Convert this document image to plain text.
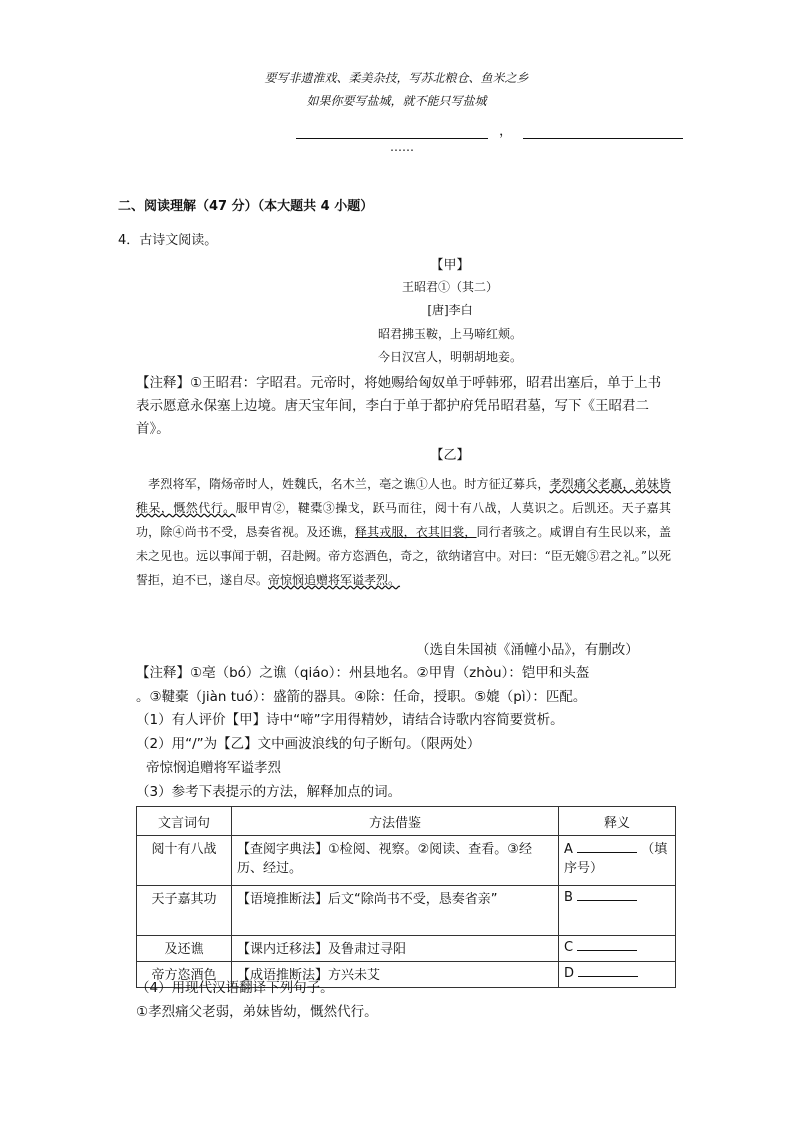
要写非遗淮戏、柔美杂技，写苏北粮仓、鱼米之乡
如果你要写盐城，就不能只写盐城
，
……
二、阅读理解（47 分）（本大题共 4 小题）
4．古诗文阅读。
【甲】
王昭君①（其二）
[唐]李白
昭君拂玉鞍，上马啼红颊。
今日汉宫人，明朝胡地妾。
【注释】①王昭君：字昭君。元帝时，将她赐给匈奴单于呼韩邪，昭君出塞后，单于上书表示愿意永保塞上边境。唐天宝年间，李白于单于都护府凭吊昭君墓，写下《王昭君二首》。
【乙】
孝烈将军，隋炀帝时人，姓魏氏，名木兰，亳之谯①人也。时方征辽募兵，孝烈痛父老羸，弟妹皆稚呆，慨然代行。服甲胄②，鞬橐③操戈，跃马而往，阅十有八战，人莫识之。后凯还。天子嘉其功，除④尚书不受，恳奏省视。及还谯，释其戎服，衣其旧裳，同行者骇之。咸谓自有生民以来，盖未之见也。远以事闻于朝，召赴阙。帝方恣酒色，奇之，欲纳诸宫中。对曰：“臣无媲⑤君之礼。”以死誓拒，迫不已，遂自尽。帝惊悯追赠将军谥孝烈。
（选自朱国祯《涌幢小品》，有删改）
【注释】①亳（bó）之谯（qiáo）：州县地名。②甲胄（zhòu）：铠甲和头盔
。③鞬橐（jiàn tuó）：盛箭的器具。④除：任命，授职。⑤媲（pì）：匹配。
（1）有人评价【甲】诗中“啼”字用得精妙，请结合诗歌内容简要赏析。
（2）用“/”为【乙】文中画波浪线的句子断句。（限两处）
帝惊悯追赠将军谥孝烈
文言词句	方法借鉴	释义
阅十有八战	【查阅字典法】①检阅、视察。②阅读、查看。③经历、经过。	A （填序号）
天子嘉其功	【语境推断法】后文“除尚书不受，恳奏省亲”	B
及还谯	【课内迁移法】及鲁肃过寻阳	C
帝方恣酒色	【成语推断法】方兴未艾	D
（3）参考下表提示的方法，解释加点的词。
（4）用现代汉语翻译下列句子。
①孝烈痛父老弱，弟妹皆幼，慨然代行。
